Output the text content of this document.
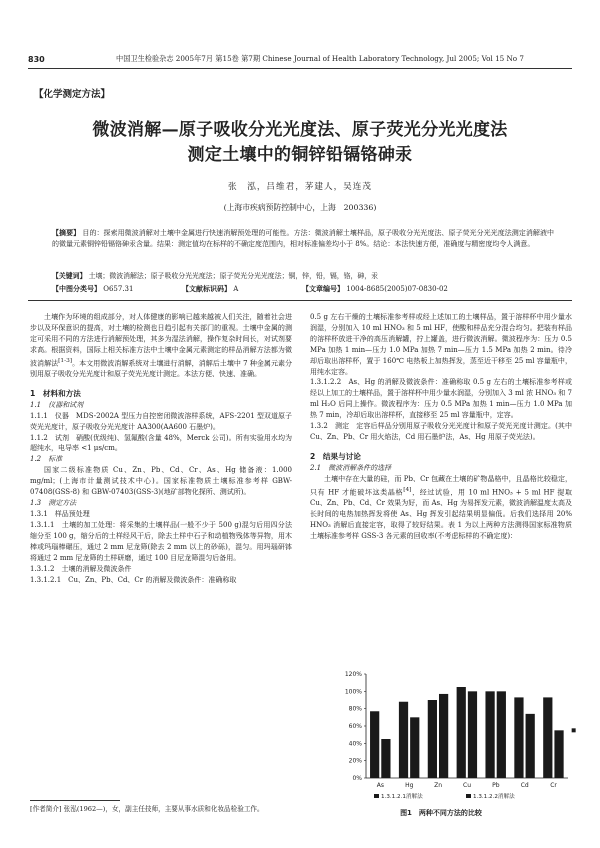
830	中国卫生检验杂志 2005年7月 第15卷 第7期 Chinese Journal of Health Laboratory Technology, Jul 2005; Vol 15 No 7
【化学测定方法】
微波消解—原子吸收分光光度法、原子荧光分光光度法
测定土壤中的铜锌铅镉铬砷汞
张　泓，吕维君，茅建人，吴连茂
(上海市疾病预防控制中心，上海　200336)
【摘要】 目的：探索用微波消解对土壤中金属进行快速消解预处理的可能性。方法：微波消解土壤样品，原子吸收分光光度法、原子荧光分光光度法测定消解液中的微量元素铜锌铅镉铬砷汞含量。结果：测定值均在标样的不确定度范围内，相对标准偏差均小于 8%。结论：本法快速方便，准确度与精密度均令人满意。
【关键词】 土壤；微波消解法；原子吸收分光光度法；原子荧光分光光度法；铜，锌，铅，镉，铬，砷，汞
【中图分类号】 O657.31	【文献标识码】 A	【文章编号】 1004-8685(2005)07-0830-02

土壤作为环境的组成部分，对人体健康的影响已越来越被人们关注，随着社会进步以及环保意识的提高，对土壤的检测也日趋引起有关部门的重视。土壤中金属的测定可采用不同的方法进行消解预处理，其多为湿法消解，操作复杂时间长，对试剂要求高。根据资料，国际上相关标准方法中土壤中金属元素测定的样品消解方法都为微波消解法[1-3]。本文用微波消解系统对土壤进行消解，消解后土壤中 7 种金属元素分别用原子吸收分光光度计和原子荧光光度计测定。本法方便、快速、准确。

1　材料和方法
1.1　仪器和试剂

1.1.1　仪器　MDS-2002A 型压力自控密闭微波溶样系统，AFS-2201 型双道原子荧光光度计，原子吸收分光光度计 AA300(AA600 石墨炉)。

1.1.2　试剂　硝酸(优级纯)、氢氟酸(含量 48%，Merck 公司)。所有实验用水均为超纯水，电导率 <1 μs/cm。

1.2　标准

国家二级标准物质 Cu、Zn、Pb、Cd、Cr、As、Hg 储备液：1.000 mg/ml；(上海市计量测试技术中心)。国家标准物质土壤标准参考样 GBW-07408(GSS-8) 和 GBW-07403(GSS-3)(地矿部物化探所、测试所)。

1.3　测定方法

1.3.1　样品预处理

1.3.1.1　土壤的加工处理：将采集的土壤样品(一般不少于 500 g)混匀后用四分法缩分至 100 g，缩分后的土样经风干后，除去土样中石子和动植物残体等异物，用木棒或玛瑙棒碾压，通过 2 mm 尼龙筛(除去 2 mm 以上的砂砾)，混匀。用玛瑙研钵将通过 2 mm 尼龙筛的土样研磨，通过 100 目尼龙筛混匀后备用。

1.3.1.2　土壤的消解及微波条件

1.3.1.2.1　Cu、Zn、Pb、Cd、Cr 的消解及微波条件：准确称取

[作者简介] 张泓(1962—)，女，副主任技师，主要从事水质和化妆品检验工作。

0.5 g 左右干燥的土壤标准参考样或经上述加工的土壤样品，置于溶样杯中用少量水润湿，分别加入 10 ml HNO₃ 和 5 ml HF，使酸和样品充分混合均匀。把装有样品的溶样杯放进干净的高压消解罐，拧上罐盖，进行微波消解。微波程序为：压力 0.5 MPa 加热 1 min—压力 1.0 MPa 加热 7 min—压力 1.5 MPa 加热 2 min。待冷却后取出溶样杯，置于 160℃ 电热板上加热挥发，蒸至近干移至 25 ml 容量瓶中，用纯水定容。

1.3.1.2.2　As、Hg 的消解及微波条件：准确称取 0.5 g 左右的土壤标准参考样或经以上加工的土壤样品，置于溶样杯中用少量水润湿，分别加入 3 ml 浓 HNO₃ 和 7 ml H₂O 后同上操作。微波程序为：压力 0.5 MPa 加热 1 min—压力 1.0 MPa 加热 7 min，冷却后取出溶样杯，直接移至 25 ml 容量瓶中，定容。

1.3.2　测定　定容后样品分别用原子吸收分光光度计和原子荧光光度计测定。(其中 Cu、Zn、Pb、Cr 用火焰法，Cd 用石墨炉法，As、Hg 用原子荧光法)。

2　结果与讨论
2.1　微波消解条件的选择

土壤中存在大量的硅，而 Pb、Cr 包藏在土壤的矿物晶格中，且晶格比较稳定，只有 HF 才能破坏这类晶格[4]，经过试验，用 10 ml HNO₃ + 5 ml HF 提取 Cu、Zn、Pb、Cd、Cr 效果为好，而 As、Hg 为易挥发元素，微波消解温度太高及长时间的电热加热挥发将使 As、Hg 挥发引起结果明显偏低。后我们选择用 20% HNO₃ 消解后直接定容，取得了较好结果。表 1 为以上两种方法测得国家标准物质土壤标准参考样 GSS-3 各元素的回收率(不考虑标样的不确定度)：

0%
20%
40%
60%
80%
100%
120%
As	Hg	Zn	Cu	Pb	Cd	Cr
1.3.1.2.1消解法	1.3.1.2.2消解法
图1　两种不同方法的比较
